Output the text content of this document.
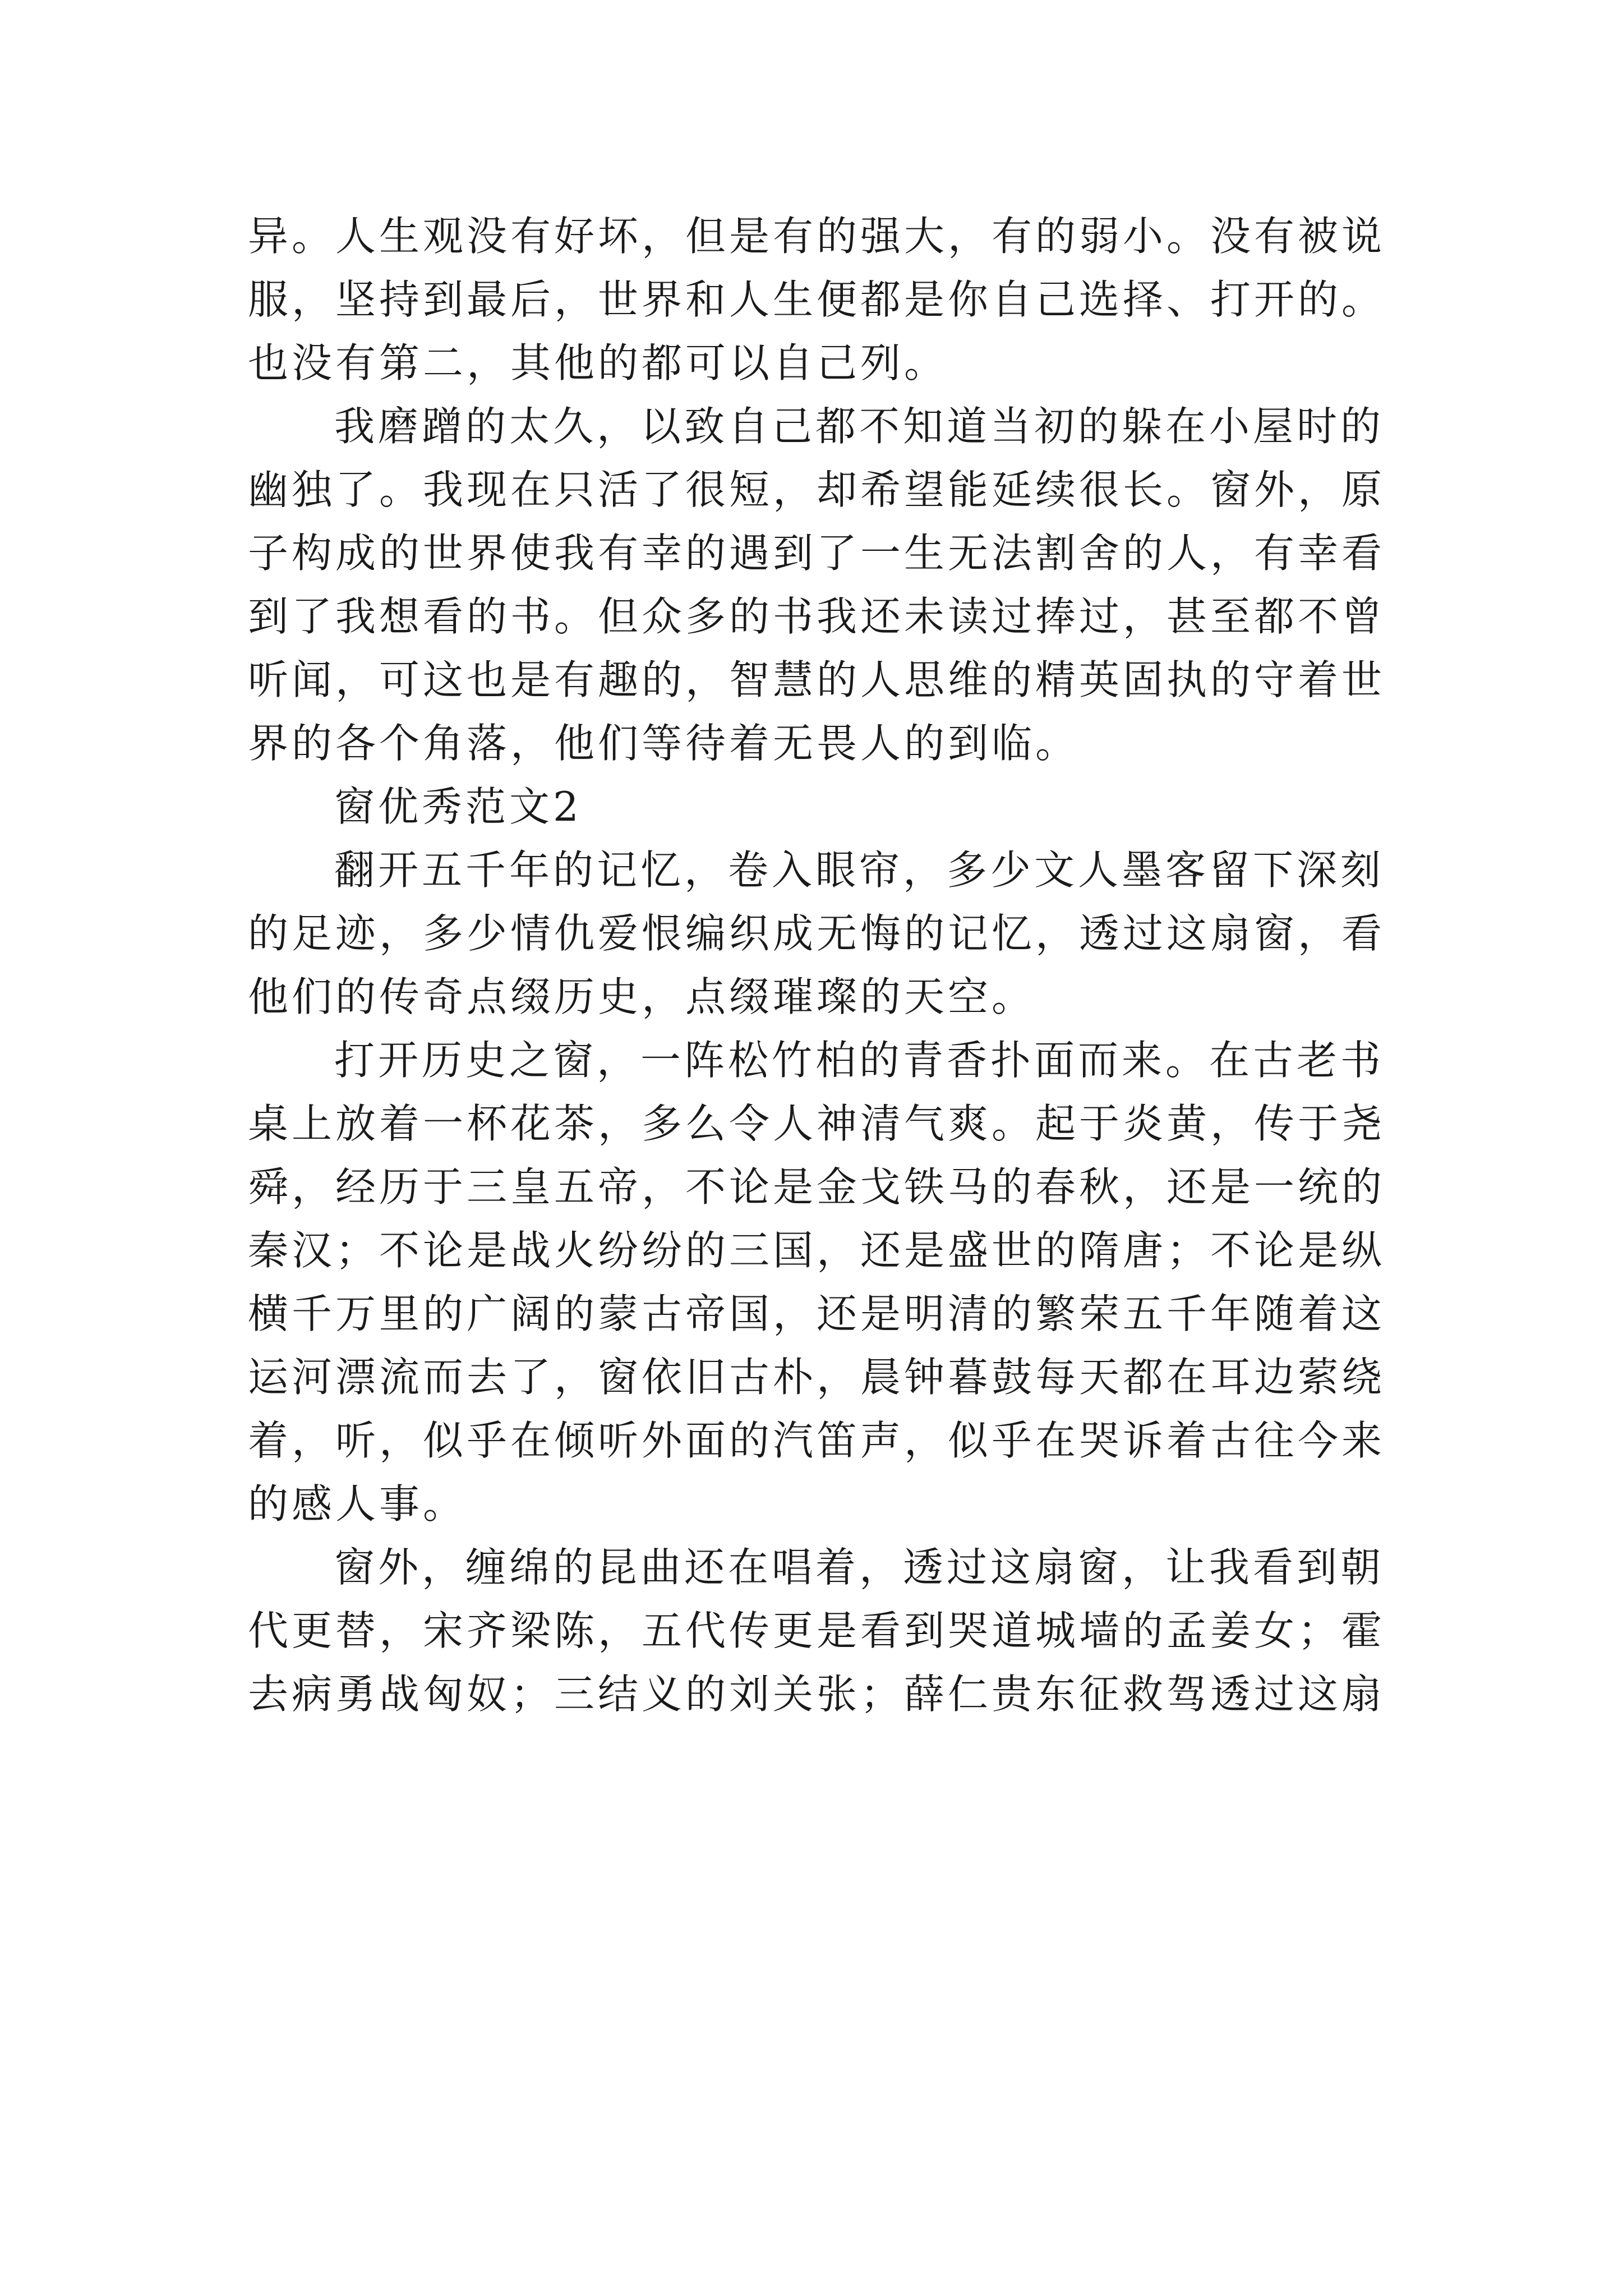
异。人生观没有好坏，但是有的强大，有的弱小。没有被说
服，坚持到最后，世界和人生便都是你自己选择、打开的。
也没有第二，其他的都可以自己列。
我磨蹭的太久，以致自己都不知道当初的躲在小屋时的
幽独了。我现在只活了很短，却希望能延续很长。窗外，原
子构成的世界使我有幸的遇到了一生无法割舍的人，有幸看
到了我想看的书。但众多的书我还未读过捧过，甚至都不曾
听闻，可这也是有趣的，智慧的人思维的精英固执的守着世
界的各个角落，他们等待着无畏人的到临。
窗优秀范文2
翻开五千年的记忆，卷入眼帘，多少文人墨客留下深刻
的足迹，多少情仇爱恨编织成无悔的记忆，透过这扇窗，看
他们的传奇点缀历史，点缀璀璨的天空。
打开历史之窗，一阵松竹柏的青香扑面而来。在古老书
桌上放着一杯花茶，多么令人神清气爽。起于炎黄，传于尧
舜，经历于三皇五帝，不论是金戈铁马的春秋，还是一统的
秦汉；不论是战火纷纷的三国，还是盛世的隋唐；不论是纵
横千万里的广阔的蒙古帝国，还是明清的繁荣五千年随着这
运河漂流而去了，窗依旧古朴，晨钟暮鼓每天都在耳边萦绕
着，听，似乎在倾听外面的汽笛声，似乎在哭诉着古往今来
的感人事。
窗外，缠绵的昆曲还在唱着，透过这扇窗，让我看到朝
代更替，宋齐梁陈，五代传更是看到哭道城墙的孟姜女；霍
去病勇战匈奴；三结义的刘关张；薛仁贵东征救驾透过这扇
